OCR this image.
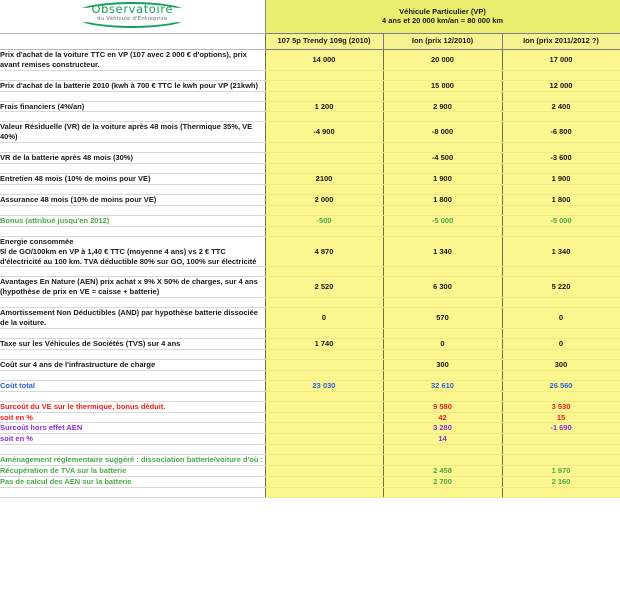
Observatoire
du Véhicule d'Entreprise

Véhicule Particulier (VP)
4 ans et 20 000 km/an = 80 000 km

	107 5p Trendy 109g (2010)	Ion (prix 12/2010)	Ion (prix 2011/2012 ?)

Prix d'achat de la voiture TTC en VP (107 avec 2 000 € d'options), prix avant remises constructeur.	14 000	20 000	17 000

Prix d'achat de la batterie 2010 (kwh à 700 € TTC le kwh pour VP (21kwh)		15 000	12 000

Frais financiers (4%/an)	1 200	2 900	2 400

Valeur Résiduelle (VR) de la voiture après 48 mois (Thermique 35%, VE 40%)	-4 900	-8 000	-6 800

VR de la batterie après 48 mois (30%)		-4 500	-3 600

Entretien 48 mois (10% de moins pour VE)	2100	1 900	1 900

Assurance 48 mois (10% de moins pour VE)	2 000	1 800	1 800

Bonus (attribué jusqu'en 2012)	-500	-5 000	-5 000

Energie consommée
5l de GO/100km en VP à 1,40 € TTC (moyenne 4 ans) vs 2 € TTC d'électricité au 100 km. TVA déductible 80% sur GO, 100% sur électricité	4 870	1 340	1 340

Avantages En Nature (AEN) prix achat x 9% X 50% de charges, sur 4 ans (hypothèse de prix en VE = caisse + batterie)	2 520	6 300	5 220

Amortissement Non Déductibles (AND) par hypothèse batterie dissociée de la voiture.	0	570	0

Taxe sur les Véhicules de Sociétés (TVS) sur 4 ans	1 740	0	0

Coût sur 4 ans de l'infrastructure de charge		300	300

Coût total	23 030	32 610	26 560

Surcoût du VE sur le thermique, bonus déduit.		9 580	3 530

soit en %		42	15

Surcoût hors effet AEN		3 280	-1 690

soit en %		14	

Aménagement réglementaire suggéré : dissociation batterie/voiture d'où :			

Récupération de TVA sur la batterie		2 458	1 970

Pas de calcul des AEN sur la batterie		2 700	2 160
